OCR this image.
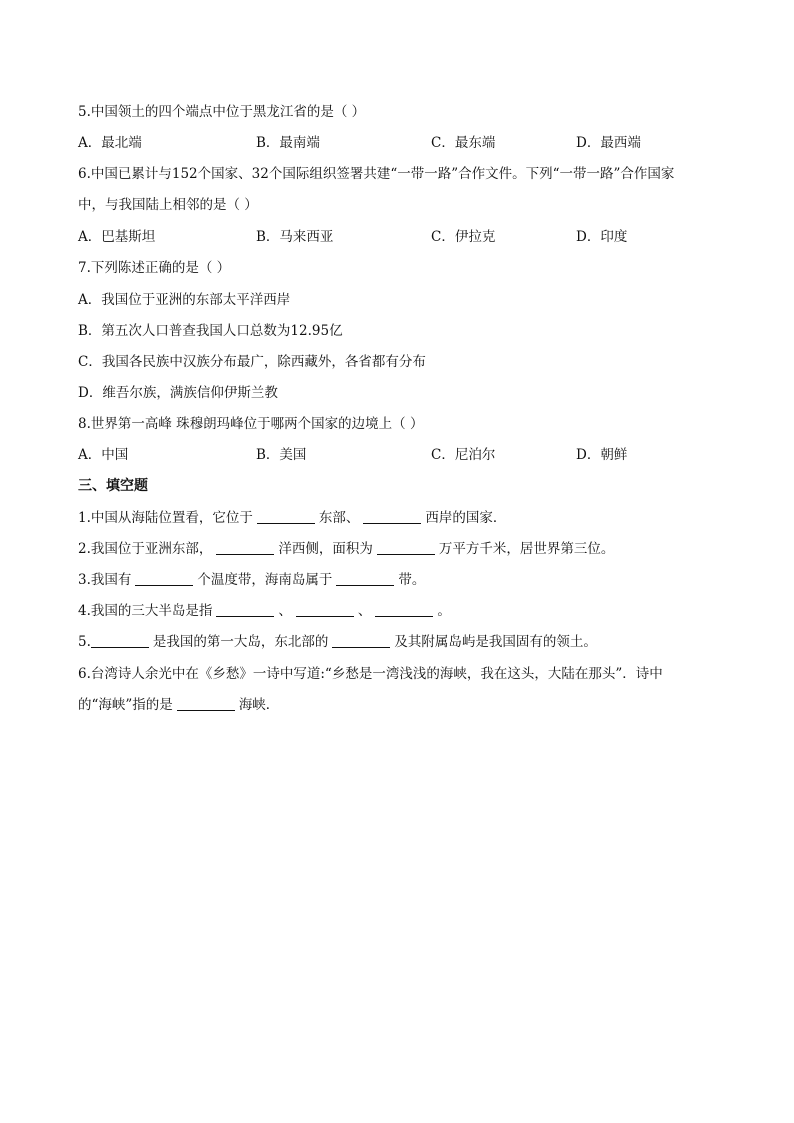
5.中国领土的四个端点中位于黑龙江省的是（ ）
A．最北端	B．最南端	C．最东端	D．最西端
6.中国已累计与152个国家、32个国际组织签署共建“一带一路”合作文件。下列“一带一路”合作国家
中，与我国陆上相邻的是（ ）
A．巴基斯坦	B．马来西亚	C．伊拉克	D．印度
7.下列陈述正确的是（ ）
A．我国位于亚洲的东部太平洋西岸
B．第五次人口普查我国人口总数为12.95亿
C．我国各民族中汉族分布最广，除西藏外，各省都有分布
D．维吾尔族，满族信仰伊斯兰教
8.世界第一高峰 珠穆朗玛峰位于哪两个国家的边境上（ ）
A．中国	B．美国	C．尼泊尔	D．朝鲜
三、填空题
1.中国从海陆位置看，它位于	东部、	西岸的国家．
2.我国位于亚洲东部，	洋西侧，面积为	万平方千米，居世界第三位。
3.我国有	个温度带，海南岛属于	带。
4.我国的三大半岛是指	、	、	。
5.	是我国的第一大岛，东北部的	及其附属岛屿是我国固有的领土。
6.台湾诗人余光中在《乡愁》一诗中写道:“乡愁是一湾浅浅的海峡，我在这头，大陆在那头”．诗中
的“海峡”指的是	海峡．
